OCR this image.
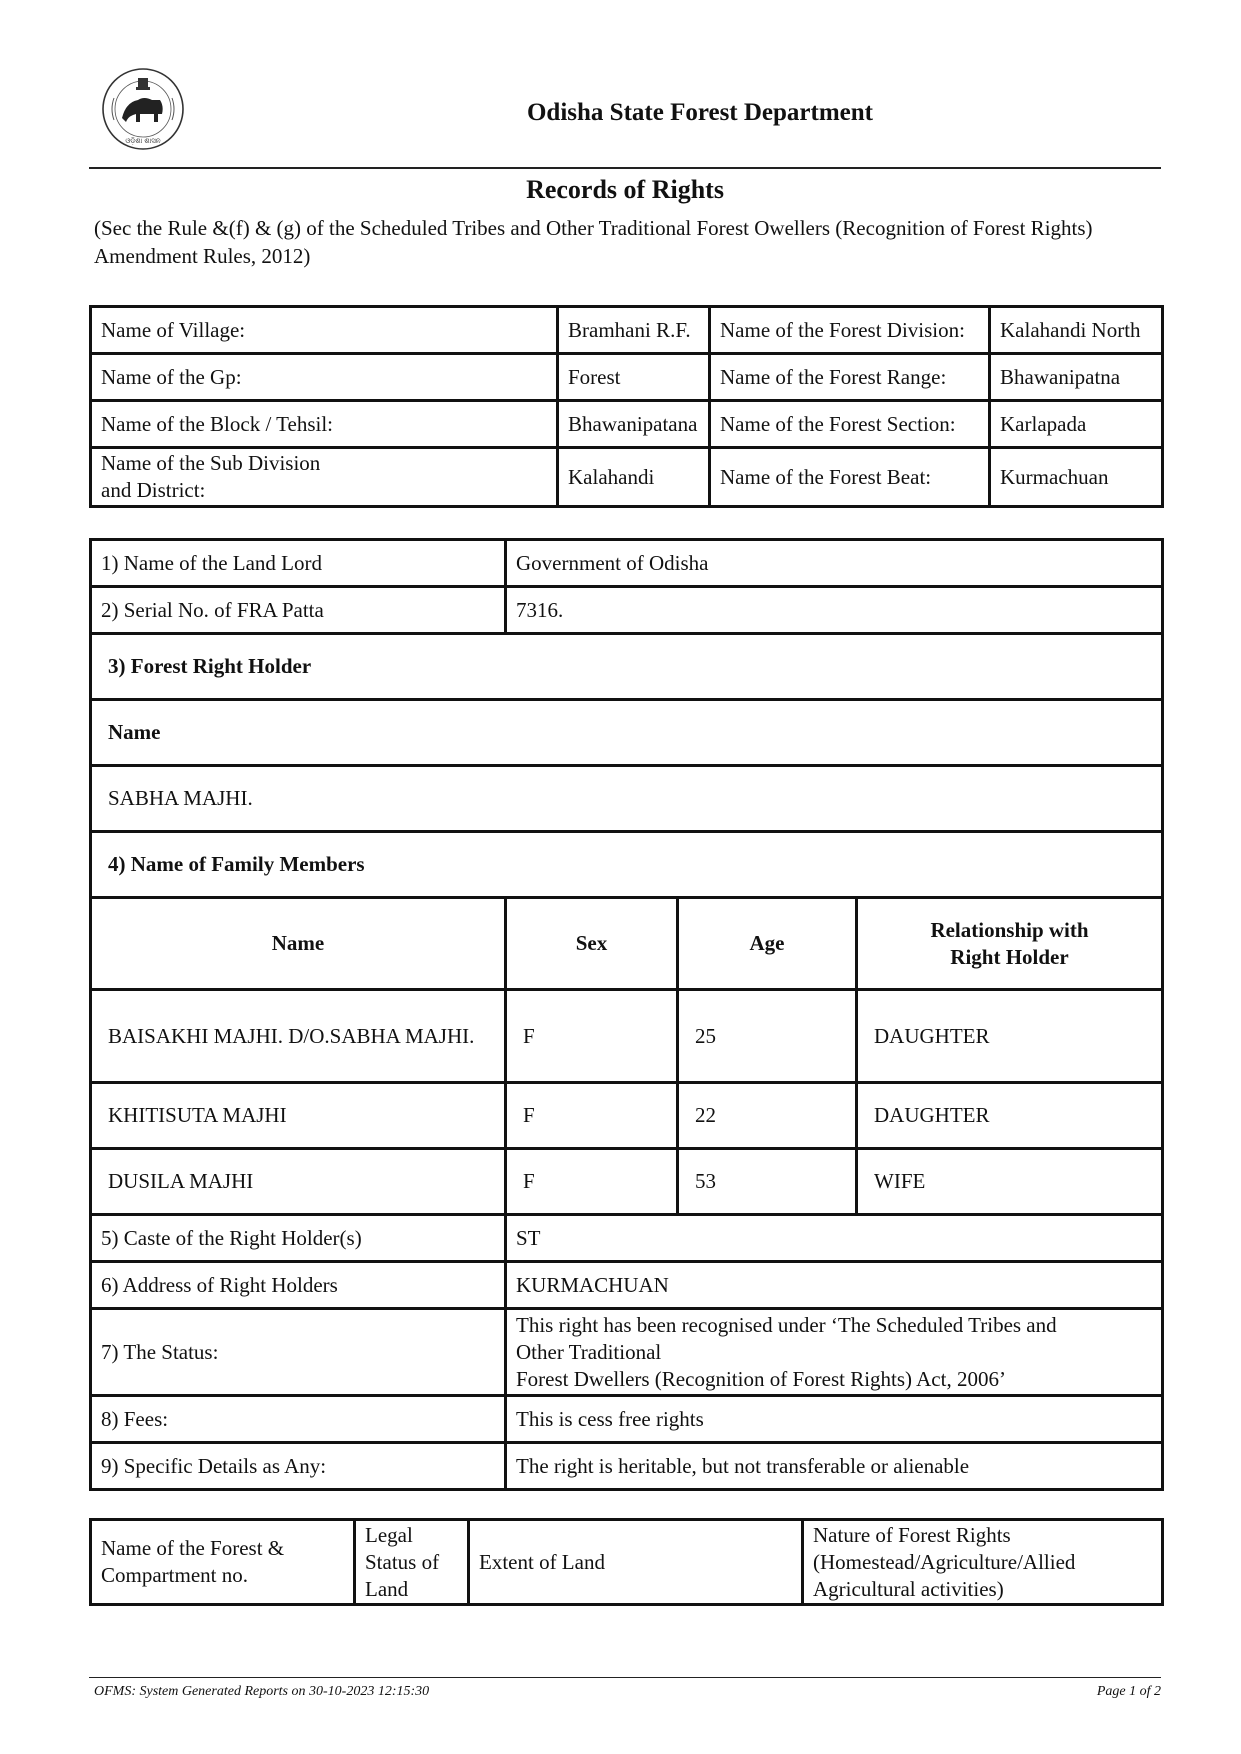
ଓଡ଼ିଶା ଶାସନ
Odisha State Forest Department
Records of Rights
(Sec the Rule &(f) & (g) of the Scheduled Tribes and Other Traditional Forest Owellers (Recognition of Forest Rights) Amendment Rules, 2012)
Name of Village:	Bramhani R.F.	Name of the Forest Division:	Kalahandi North
Name of the Gp:	Forest	Name of the Forest Range:	Bhawanipatna
Name of the Block / Tehsil:	Bhawanipatana	Name of the Forest Section:	Karlapada

Name of the Sub Division
and District:	Kalahandi	Name of the Forest Beat:	Kurmachuan
1) Name of the Land Lord	Government of Odisha		
2) Serial No. of FRA Patta	7316.		
3) Forest Right Holder			
Name			
SABHA MAJHI.			
4) Name of Family Members			
Name	Sex	Age	Relationship with
Right Holder

BAISAKHI MAJHI. D/O.SABHA MAJHI.	F	25	DAUGHTER
KHITISUTA MAJHI	F	22	DAUGHTER
DUSILA MAJHI	F	53	WIFE
5) Caste of the Right Holder(s)	ST		
6) Address of Right Holders	KURMACHUAN		
7) The Status:	This right has been recognised under ‘The Scheduled Tribes and
Other Traditional
Forest Dwellers (Recognition of Forest Rights) Act, 2006’		

8) Fees:	This is cess free rights		
9) Specific Details as Any:	The right is heritable, but not transferable or alienable		
Name of the Forest & Compartment no.	Legal Status of Land	Extent of Land	Nature of Forest Rights (Homestead/Agriculture/Allied Agricultural activities)
OFMS: System Generated Reports on 30-10-2023 12:15:30	Page 1 of 2
